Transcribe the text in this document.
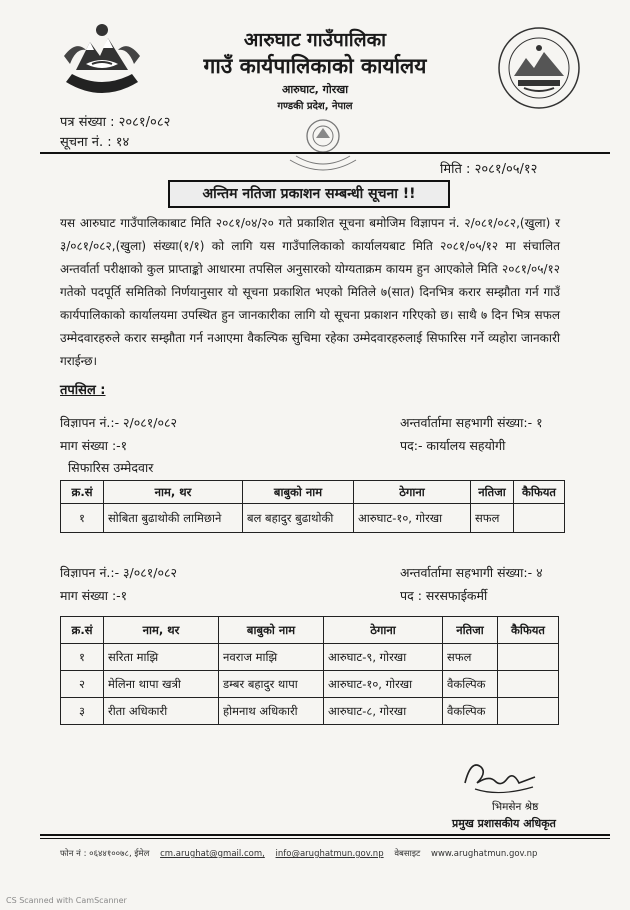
आरुघाट गाउँपालिका
गाउँ कार्यपालिकाको कार्यालय
आरुघाट, गोरखा
गण्डकी प्रदेश, नेपाल
पत्र संख्या : २०८१/०८२
सूचना नं. : १४
मिति : २०८१/०५/१२
अन्तिम नतिजा प्रकाशन सम्बन्धी सूचना !!
यस आरुघाट गाउँपालिकाबाट मिति २०८१/०४/२० गते प्रकाशित सूचना बमोजिम विज्ञापन नं. २/०८१/०८२,(खुला) र ३/०८१/०८२,(खुला) संख्या(१/१) को लागि यस गाउँपालिकाको कार्यालयबाट मिति २०८१/०५/१२ मा संचालित अन्तर्वार्ता परीक्षाको कुल प्राप्ताङ्को आधारमा तपसिल अनुसारको योग्यताक्रम कायम हुन आएकोले मिति २०८१/०५/१२ गतेको पदपूर्ति समितिको निर्णयानुसार यो सूचना प्रकाशित भएको मितिले ७(सात) दिनभित्र करार सम्झौता गर्न गाउँ कार्यपालिकाको कार्यालयमा उपस्थित हुन जानकारीका लागि यो सूचना प्रकाशन गरिएको छ। साथै ७ दिन भित्र सफल उम्मेदवारहरुले करार सम्झौता गर्न नआएमा वैकल्पिक सुचिमा रहेका उम्मेदवारहरुलाई सिफारिस गर्ने व्यहोरा जानकारी गराईन्छ।
तपसिल :
विज्ञापन नं.:- २/०८१/०८२
माग संख्या :-१
अन्तर्वार्तामा सहभागी संख्या:- १
पद:- कार्यालय सहयोगी
सिफारिस उम्मेदवार
क्र.सं	नाम, थर	बाबुको नाम	ठेगाना	नतिजा	कैफियत
१	सोबिता बुढाथोकी लामिछाने	बल बहादुर बुढाथोकी	आरुघाट-१०, गोरखा	सफल	
विज्ञापन नं.:- ३/०८१/०८२
माग संख्या :-१
अन्तर्वार्तामा सहभागी संख्या:- ४
पद : सरसफाईकर्मी
क्र.सं	नाम, थर	बाबुको नाम	ठेगाना	नतिजा	कैफियत
१	सरिता माझि	नवराज माझि	आरुघाट-९, गोरखा	सफल	
२	मेलिना थापा खत्री	डम्बर बहादुर थापा	आरुघाट-१०, गोरखा	वैकल्पिक	
३	रीता अधिकारी	होमनाथ अधिकारी	आरुघाट-८, गोरखा	वैकल्पिक	
भिमसेन श्रेष्ठ
प्रमुख प्रशासकीय अधिकृत
फोन नं : ०६४४१००७८, ईमेल cm.arughat@gmail.com, info@arughatmun.gov.np वेबसाइट www.arughatmun.gov.np
CS Scanned with CamScanner
